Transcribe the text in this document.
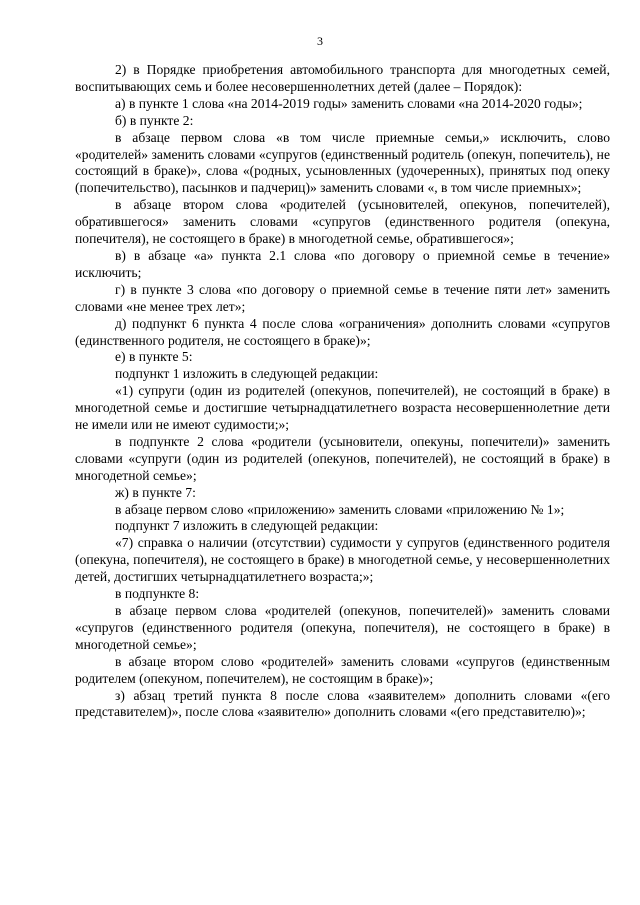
3

2) в Порядке приобретения автомобильного транспорта для многодетных семей, воспитывающих семь и более несовершеннолетних детей (далее – Порядок):

а) в пункте 1 слова «на 2014-2019 годы» заменить словами «на 2014-2020 годы»;

б) в пункте 2:

в абзаце первом слова «в том числе приемные семьи,» исключить, слово «родителей» заменить словами «супругов (единственный родитель (опекун, попечитель), не состоящий в браке)», слова «(родных, усыновленных (удочеренных), принятых под опеку (попечительство), пасынков и падчериц)» заменить словами «, в том числе приемных»;

в абзаце втором слова «родителей (усыновителей, опекунов, попечителей), обратившегося» заменить словами «супругов (единственного родителя (опекуна, попечителя), не состоящего в браке) в многодетной семье, обратившегося»;

в) в абзаце «а» пункта 2.1 слова «по договору о приемной семье в течение» исключить;

г) в пункте 3 слова «по договору о приемной семье в течение пяти лет» заменить словами «не менее трех лет»;

д) подпункт 6 пункта 4 после слова «ограничения» дополнить словами «супругов (единственного родителя, не состоящего в браке)»;

е) в пункте 5:

подпункт 1 изложить в следующей редакции:

«1) супруги (один из родителей (опекунов, попечителей), не состоящий в браке) в многодетной семье и достигшие четырнадцатилетнего возраста несовершеннолетние дети не имели или не имеют судимости;»;

в подпункте 2 слова «родители (усыновители, опекуны, попечители)» заменить словами «супруги (один из родителей (опекунов, попечителей), не состоящий в браке) в многодетной семье»;

ж) в пункте 7:

в абзаце первом слово «приложению» заменить словами «приложению № 1»;

подпункт 7 изложить в следующей редакции:

«7) справка о наличии (отсутствии) судимости у супругов (единственного родителя (опекуна, попечителя), не состоящего в браке) в многодетной семье, у несовершеннолетних детей, достигших четырнадцатилетнего возраста;»;

в подпункте 8:

в абзаце первом слова «родителей (опекунов, попечителей)» заменить словами «супругов (единственного родителя (опекуна, попечителя), не состоящего в браке) в многодетной семье»;

в абзаце втором слово «родителей» заменить словами «супругов (единственным родителем (опекуном, попечителем), не состоящим в браке)»;

з) абзац третий пункта 8 после слова «заявителем» дополнить словами «(его представителем)», после слова «заявителю» дополнить словами «(его представителю)»;
